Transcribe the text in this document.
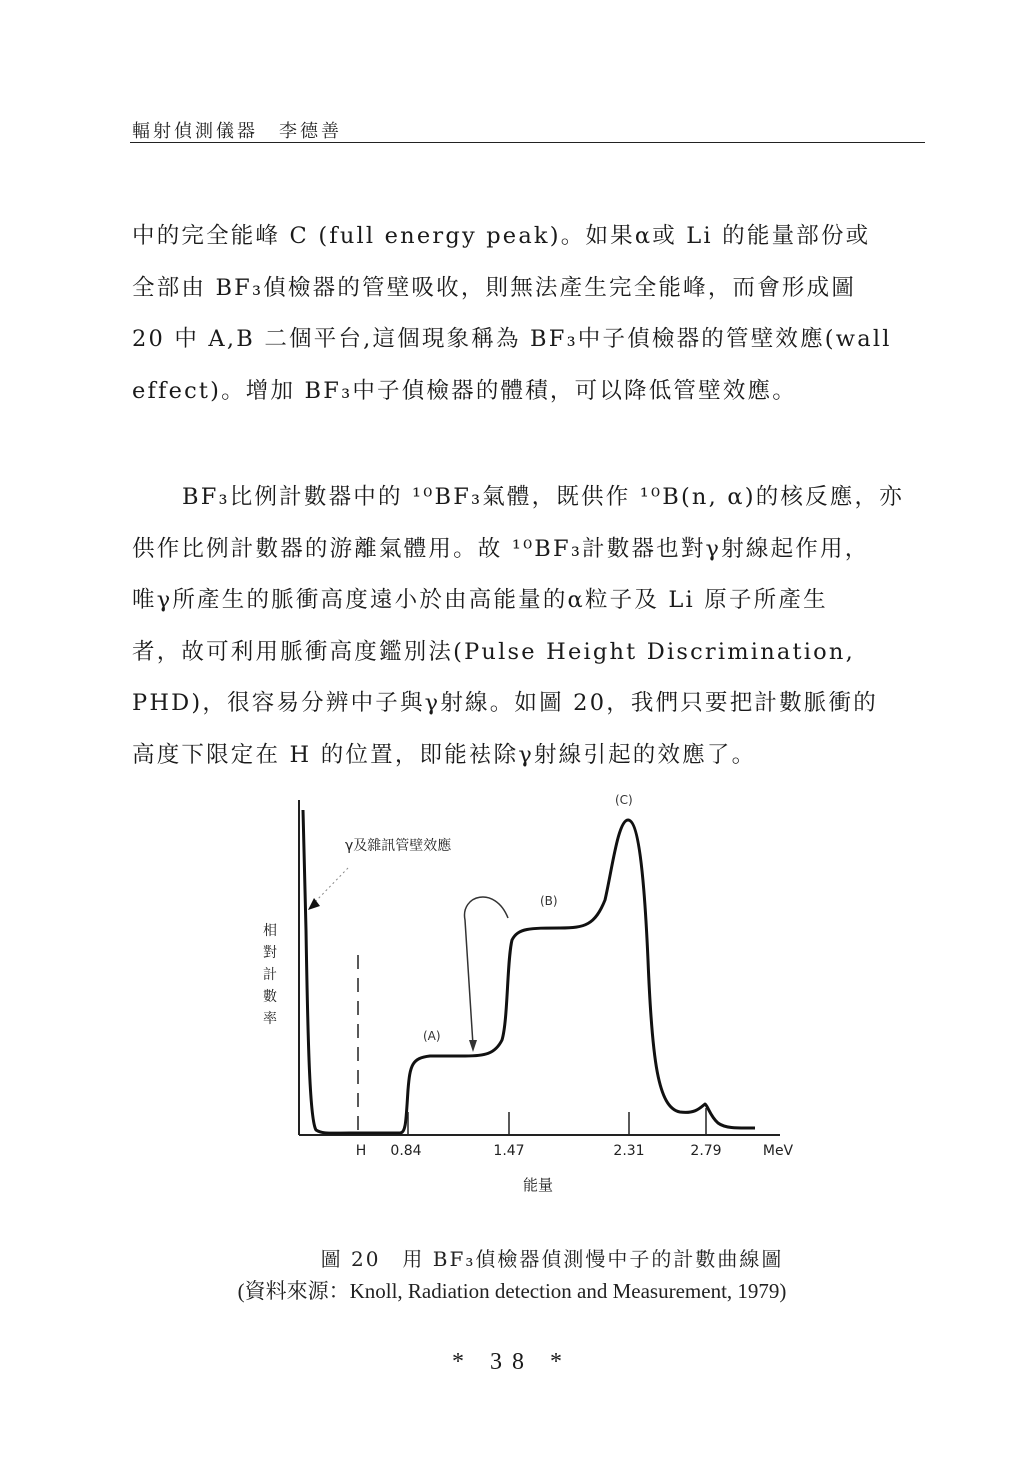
輻射偵測儀器　李德善

中的完全能峰 C (full energy peak)。如果α或 Li 的能量部份或
全部由 BF₃偵檢器的管壁吸收，則無法產生完全能峰，而會形成圖
20 中 A,B 二個平台,這個現象稱為 BF₃中子偵檢器的管壁效應(wall
effect)。增加 BF₃中子偵檢器的體積，可以降低管壁效應。

BF₃比例計數器中的 ¹⁰BF₃氣體，既供作 ¹⁰B(n, α)的核反應，亦
供作比例計數器的游離氣體用。故 ¹⁰BF₃計數器也對γ射線起作用，
唯γ所產生的脈衝高度遠小於由高能量的α粒子及 Li 原子所產生
者，故可利用脈衝高度鑑別法(Pulse Height Discrimination,
PHD)，很容易分辨中子與γ射線。如圖 20，我們只要把計數脈衝的
高度下限定在 H 的位置，即能袪除γ射線引起的效應了。

γ及雜訊管壁效應
(B)
(C)
(A)
相對計數率
H 0.84	1.47	2.31	2.79	MeV
能量
圖 20　用 BF₃偵檢器偵測慢中子的計數曲線圖
(資料來源：Knoll, Radiation detection and Measurement, 1979)
* 38 *
